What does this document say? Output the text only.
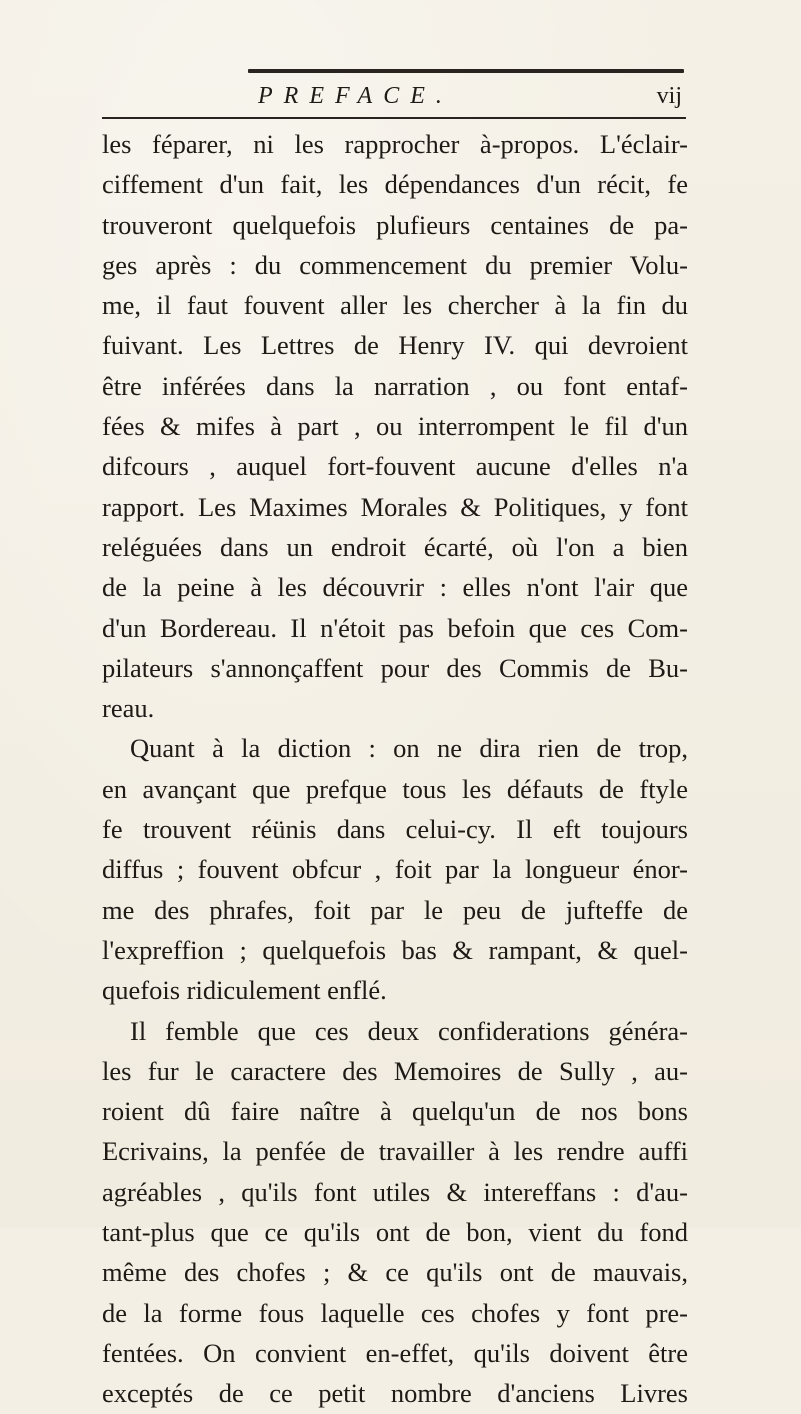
PREFACE.	vij
les féparer, ni les rapprocher à-propos. L'éclair-
ciffement d'un fait, les dépendances d'un récit, fe
trouveront quelquefois plufieurs centaines de pa-
ges après : du commencement du premier Volu-
me, il faut fouvent aller les chercher à la fin du
fuivant. Les Lettres de Henry IV. qui devroient
être inférées dans la narration , ou font entaf-
fées & mifes à part , ou interrompent le fil d'un
difcours , auquel fort-fouvent aucune d'elles n'a
rapport. Les Maximes Morales & Politiques, y font
reléguées dans un endroit écarté, où l'on a bien
de la peine à les découvrir : elles n'ont l'air que
d'un Bordereau. Il n'étoit pas befoin que ces Com-
pilateurs s'annonçaffent pour des Commis de Bu-
reau.
Quant à la diction : on ne dira rien de trop,
en avançant que prefque tous les défauts de ftyle
fe trouvent réünis dans celui-cy. Il eft toujours
diffus ; fouvent obfcur , foit par la longueur énor-
me des phrafes, foit par le peu de jufteffe de
l'expreffion ; quelquefois bas & rampant, & quel-
quefois ridiculement enflé.
Il femble que ces deux confiderations généra-
les fur le caractere des Memoires de Sully , au-
roient dû faire naître à quelqu'un de nos bons
Ecrivains, la penfée de travailler à les rendre auffi
agréables , qu'ils font utiles & intereffans : d'au-
tant-plus que ce qu'ils ont de bon, vient du fond
même des chofes ; & ce qu'ils ont de mauvais,
de la forme fous laquelle ces chofes y font pre-
fentées. On convient en-effet, qu'ils doivent être
exceptés de ce petit nombre d'anciens Livres
